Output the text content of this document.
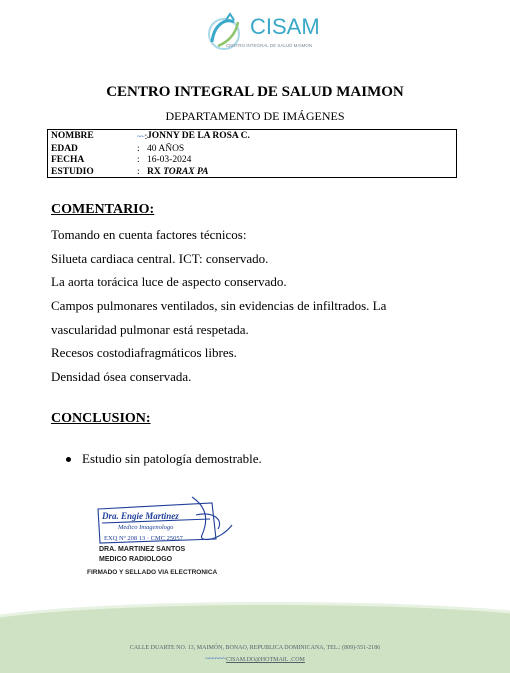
CISAM
CENTRO INTEGRAL DE SALUD MAIMON
CENTRO INTEGRAL DE SALUD MAIMON
DEPARTAMENTO DE IMÁGENES
NOMBRE	~~: JONNY DE LA ROSA C.
EDAD	: 40 AÑOS
FECHA	: 16-03-2024
ESTUDIO	: RX TORAX PA
COMENTARIO:
Tomando en cuenta factores técnicos:
Silueta cardiaca central. ICT: conservado.
La aorta torácica luce de aspecto conservado.
Campos pulmonares ventilados, sin evidencias de infiltrados. La
vascularidad pulmonar está respetada.
Recesos costodiafragmáticos libres.
Densidad ósea conservada.
CONCLUSION:
Estudio sin patología demostrable.
Dra. Engie Martinez
Medico Imagenologo
EXQ Nº 208 13 · CMC 25057
DRA. MARTINEZ SANTOS
MEDICO RADIOLOGO
FIRMADO Y SELLADO VIA ELECTRONICA
CALLE DUARTE NO. 13, MAIMÓN, BONAO, REPUBLICA DOMINICANA, TEL.: (809)-551-2186
~~~~~~CISAM.DO@HOTMAIL .COM
